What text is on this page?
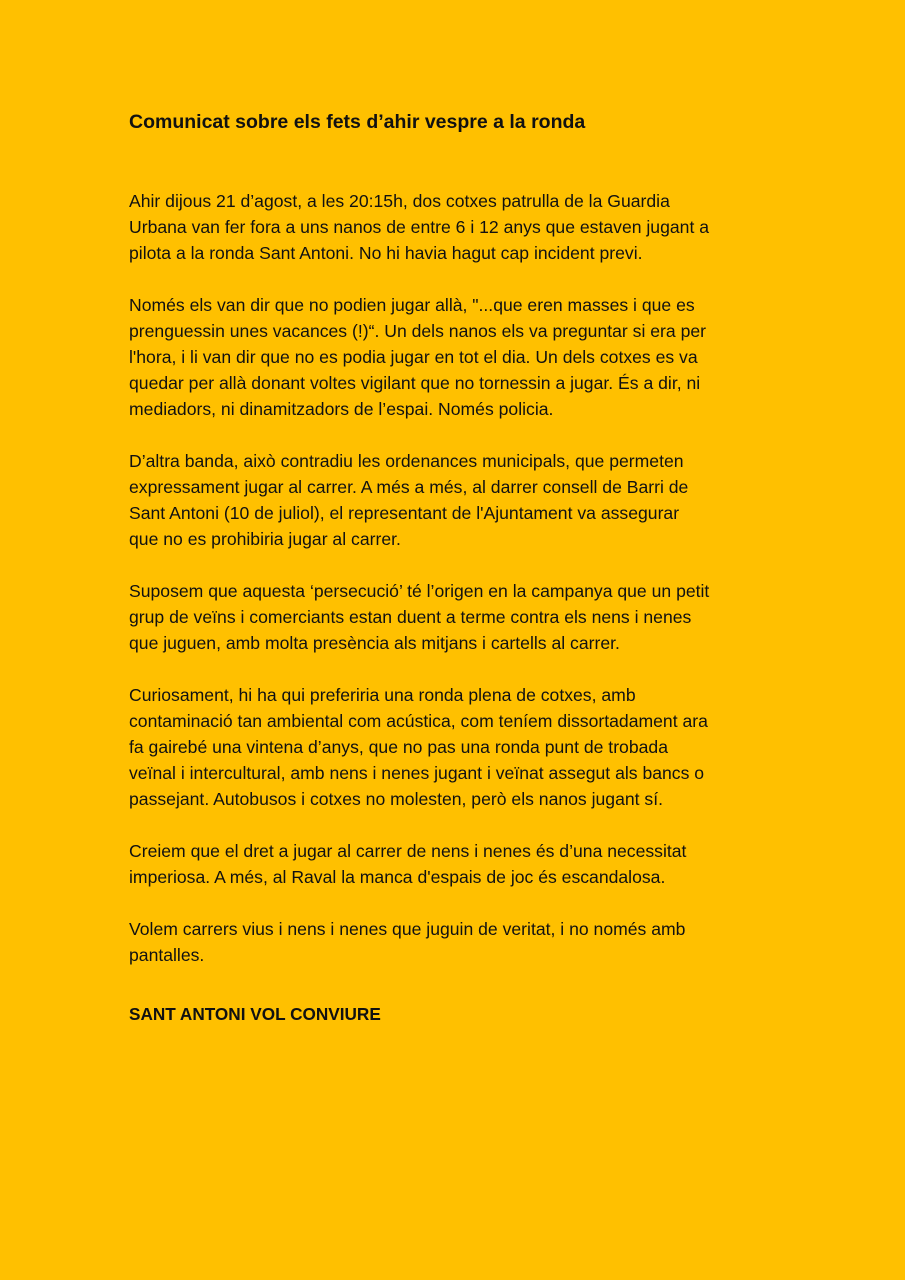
Comunicat sobre els fets d’ahir vespre a la ronda
Ahir dijous 21 d’agost, a les 20:15h, dos cotxes patrulla de la Guardia
Urbana van fer fora a uns nanos de entre 6 i 12 anys que estaven jugant a
pilota a la ronda Sant Antoni. No hi havia hagut cap incident previ.
Només els van dir que no podien jugar allà, "...que eren masses i que es
prenguessin unes vacances (!)“. Un dels nanos els va preguntar si era per
l'hora, i li van dir que no es podia jugar en tot el dia. Un dels cotxes es va
quedar per allà donant voltes vigilant que no tornessin a jugar. És a dir, ni
mediadors, ni dinamitzadors de l’espai. Només policia.
D’altra banda, això contradiu les ordenances municipals, que permeten
expressament jugar al carrer. A més a més, al darrer consell de Barri de
Sant Antoni (10 de juliol), el representant de l'Ajuntament va assegurar
que no es prohibiria jugar al carrer.
Suposem que aquesta ‘persecució’ té l’origen en la campanya que un petit
grup de veïns i comerciants estan duent a terme contra els nens i nenes
que juguen, amb molta presència als mitjans i cartells al carrer.
Curiosament, hi ha qui preferiria una ronda plena de cotxes, amb
contaminació tan ambiental com acústica, com teníem dissortadament ara
fa gairebé una vintena d’anys, que no pas una ronda punt de trobada
veïnal i intercultural, amb nens i nenes jugant i veïnat assegut als bancs o
passejant. Autobusos i cotxes no molesten, però els nanos jugant sí.
Creiem que el dret a jugar al carrer de nens i nenes és d’una necessitat
imperiosa. A més, al Raval la manca d'espais de joc és escandalosa.
Volem carrers vius i nens i nenes que juguin de veritat, i no només amb
pantalles.
SANT ANTONI VOL CONVIURE
